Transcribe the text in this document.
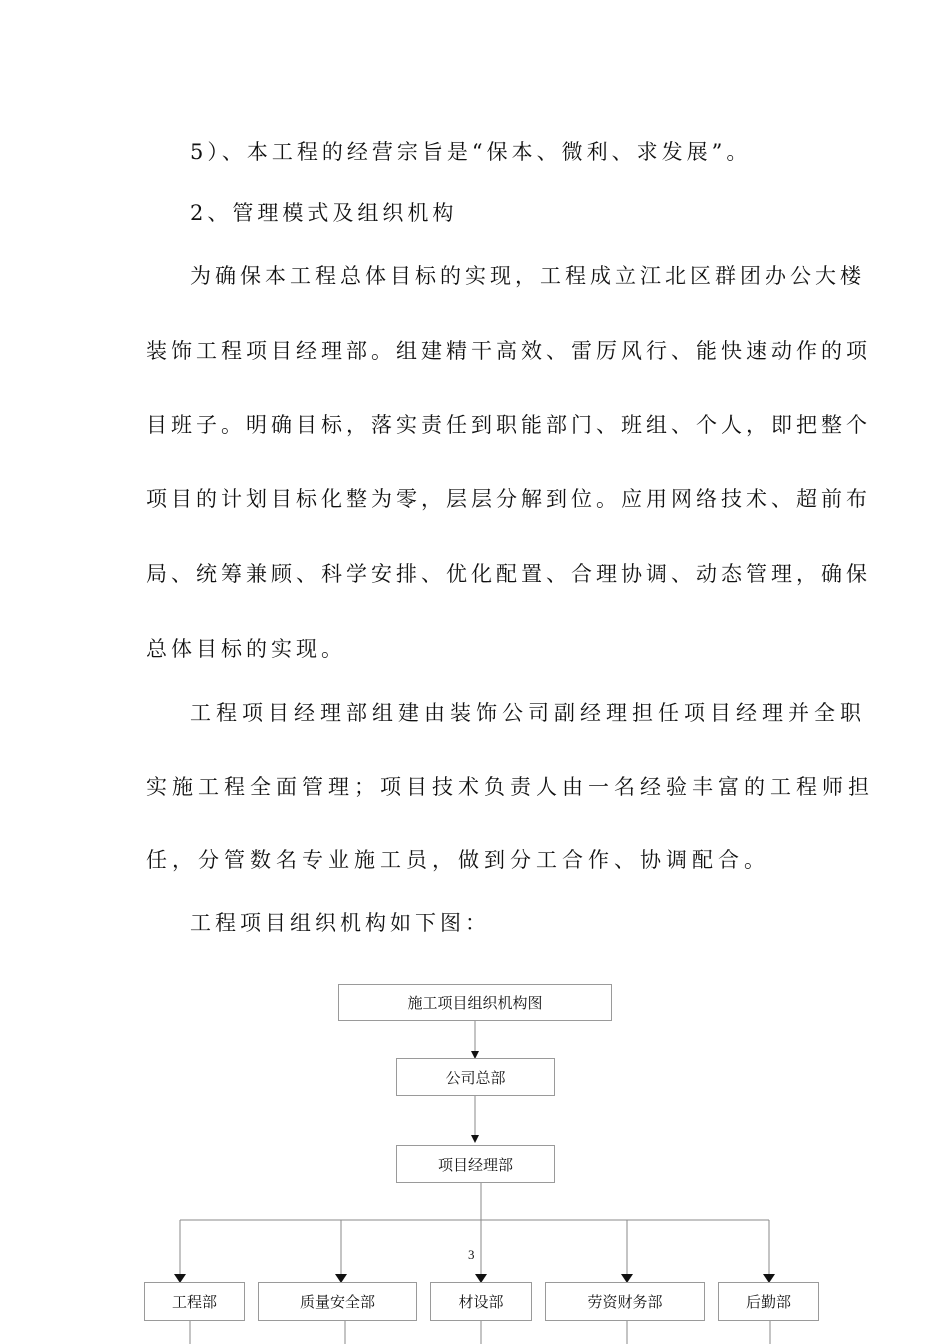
5）、本工程的经营宗旨是“保本、微利、求发展”。

2、管理模式及组织机构

为确保本工程总体目标的实现，工程成立江北区群团办公大楼

装饰工程项目经理部。组建精干高效、雷厉风行、能快速动作的项

目班子。明确目标，落实责任到职能部门、班组、个人，即把整个

项目的计划目标化整为零，层层分解到位。应用网络技术、超前布

局、统筹兼顾、科学安排、优化配置、合理协调、动态管理，确保

总体目标的实现。

工程项目经理部组建由装饰公司副经理担任项目经理并全职

实施工程全面管理；项目技术负责人由一名经验丰富的工程师担

任，分管数名专业施工员，做到分工合作、协调配合。

工程项目组织机构如下图：

施工项目组织机构图
公司总部
项目经理部
工程部	质量安全部	材设部	劳资财务部	后勤部
3
